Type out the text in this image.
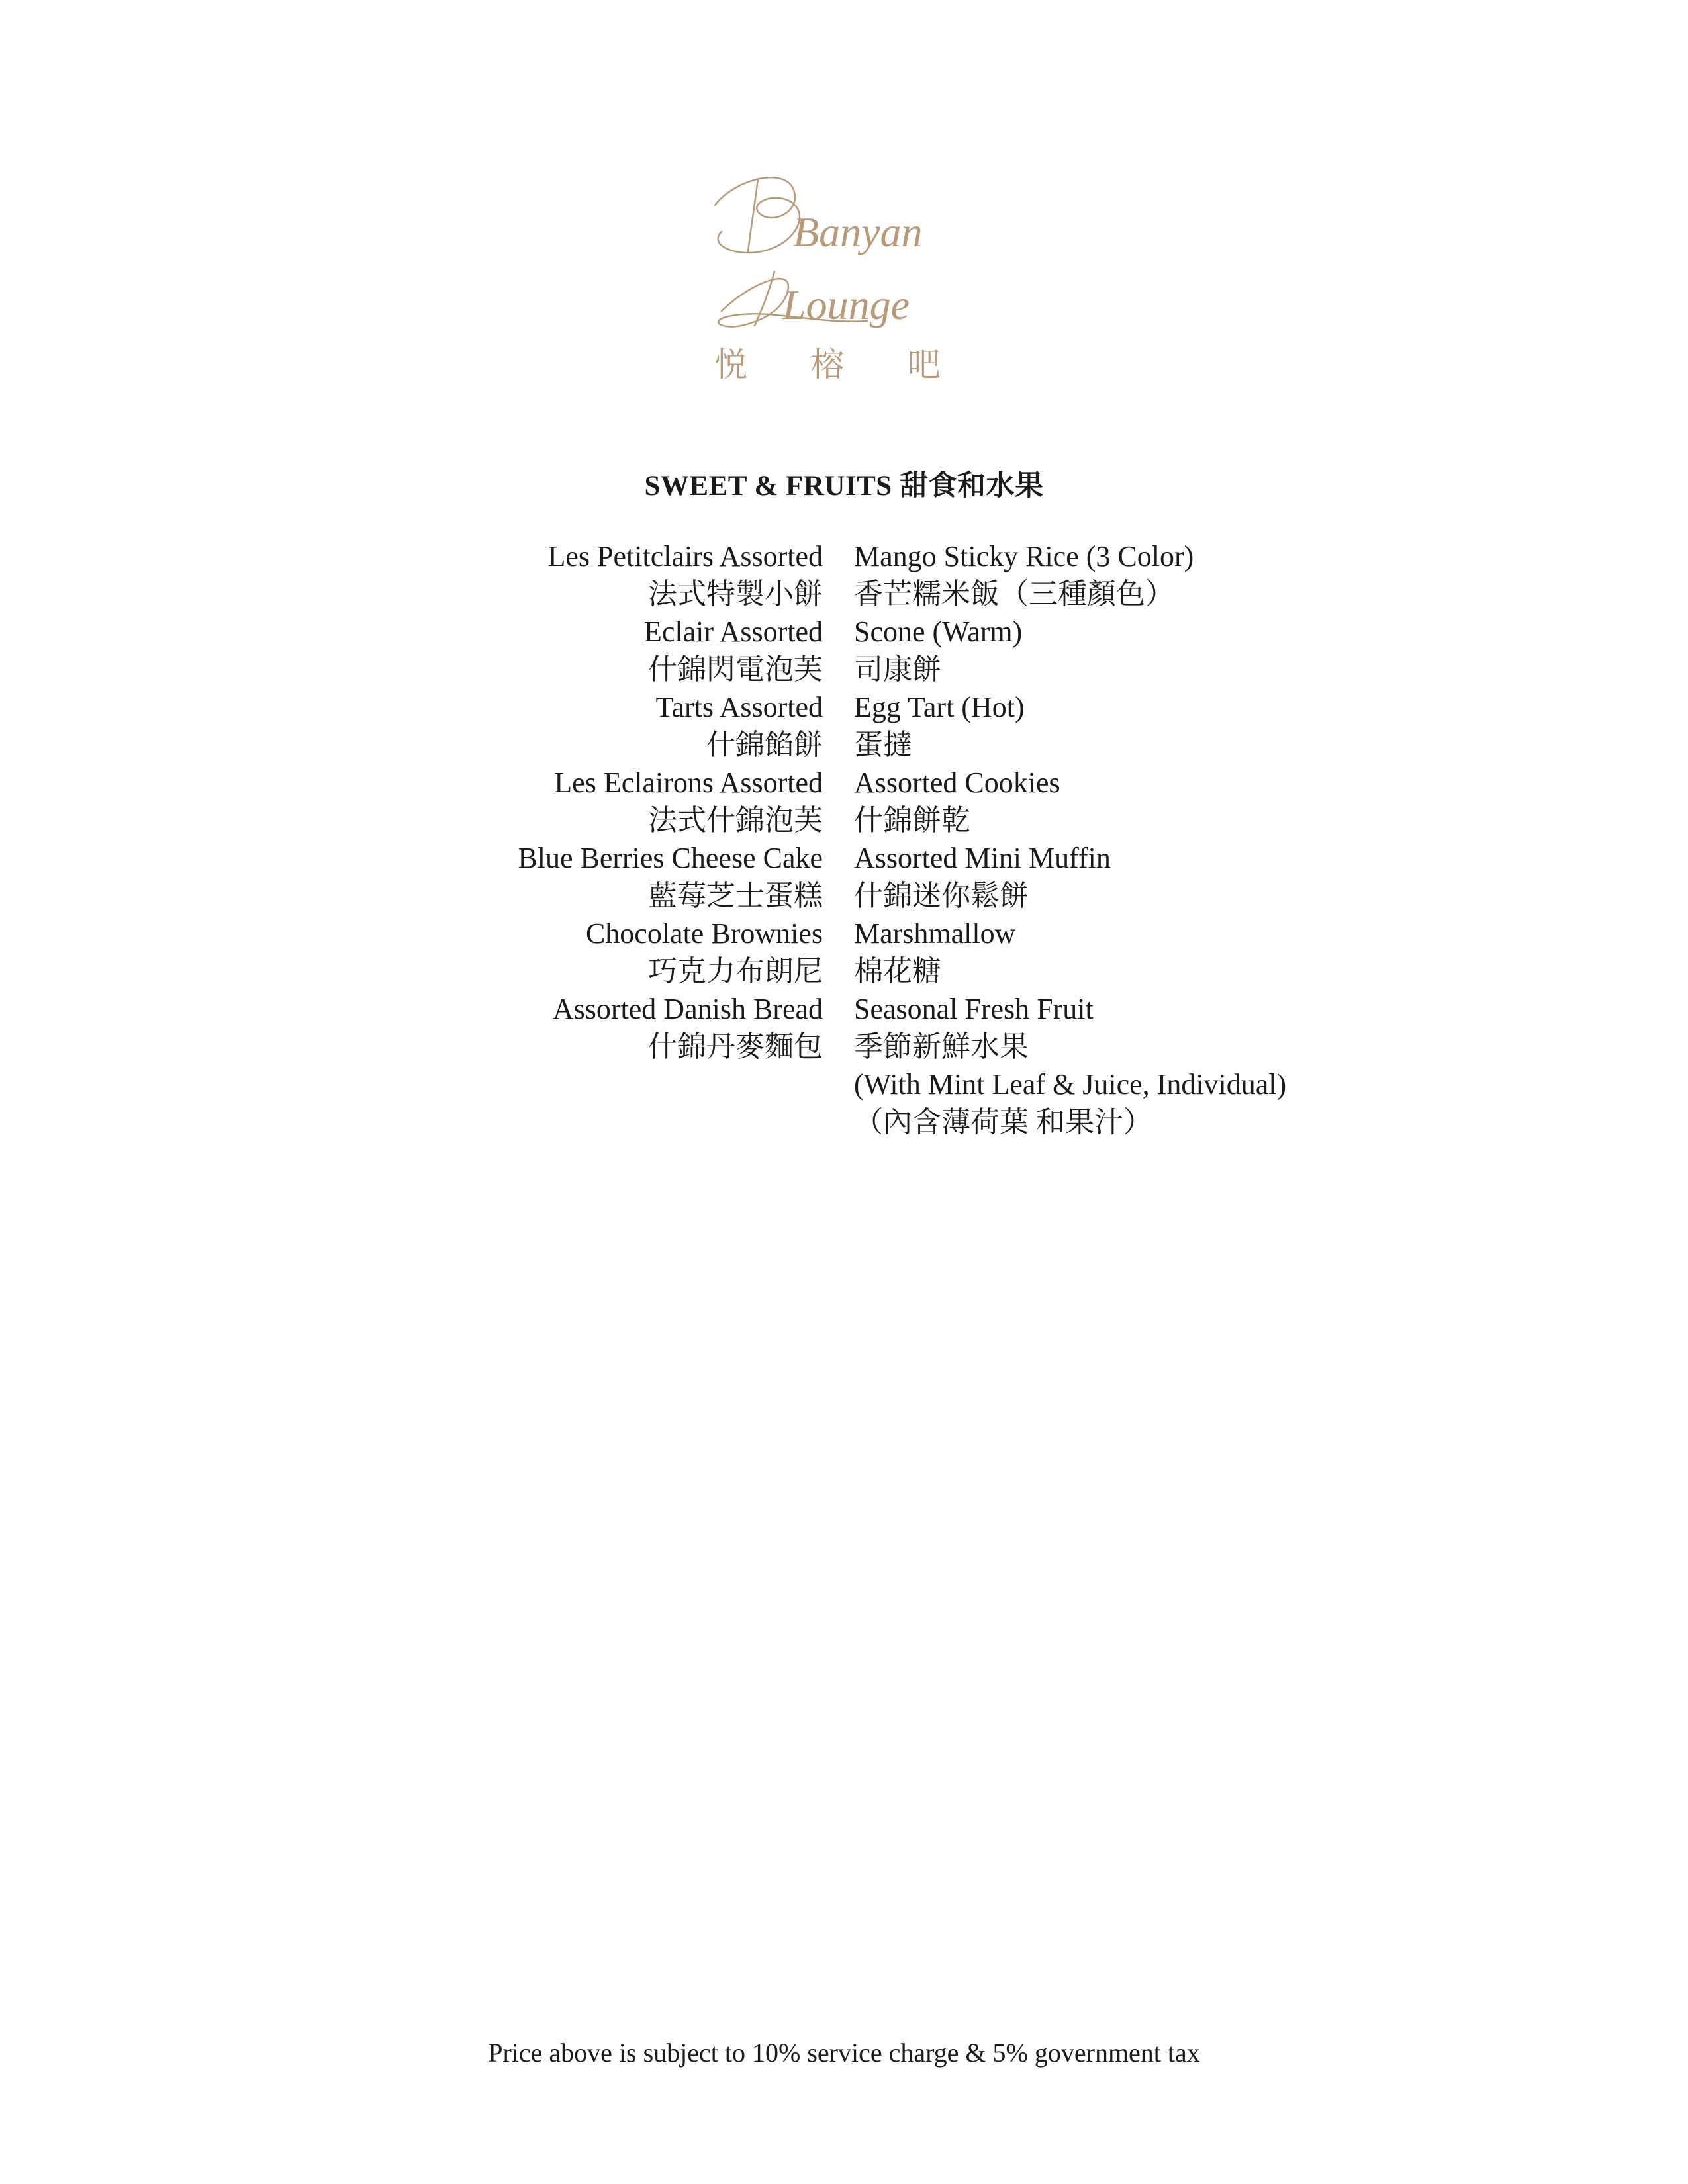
Banyan
Lounge
悦 榕 吧
SWEET & FRUITS 甜食和水果
Les Petitclairs Assorted
法式特製小餅
Eclair Assorted
什錦閃電泡芙
Tarts Assorted
什錦餡餅
Les Eclairons Assorted
法式什錦泡芙
Blue Berries Cheese Cake
藍莓芝士蛋糕
Chocolate Brownies
巧克力布朗尼
Assorted Danish Bread
什錦丹麥麵包
Mango Sticky Rice (3 Color)
香芒糯米飯（三種顏色）
Scone (Warm)
司康餅
Egg Tart (Hot)
蛋撻
Assorted Cookies
什錦餅乾
Assorted Mini Muffin
什錦迷你鬆餅
Marshmallow
棉花糖
Seasonal Fresh Fruit
季節新鮮水果
(With Mint Leaf & Juice, Individual)
（內含薄荷葉 和果汁）
Price above is subject to 10% service charge & 5% government tax
